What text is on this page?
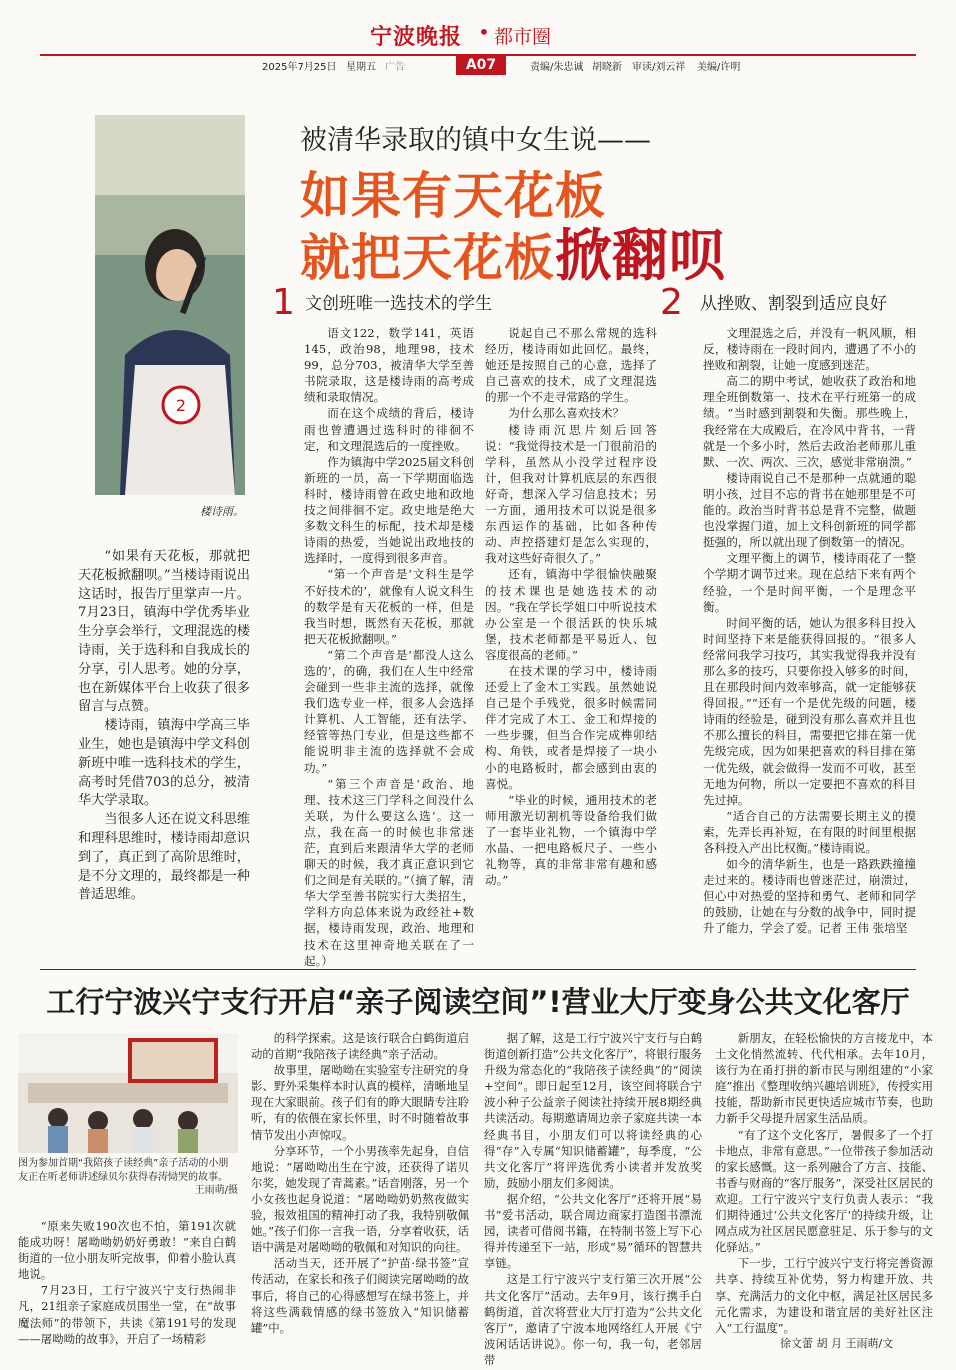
宁波晚报 • 都市圈
2025年7月25日 星期五 广告	A07	责编/朱忠诚 胡晓新 审读/刘云祥 美编/许明
2
楼诗雨。
被清华录取的镇中女生说——
如果有天花板
就把天花板掀翻呗
1 文创班唯一选技术的学生	2 从挫败、割裂到适应良好

“如果有天花板，那就把天花板掀翻呗。”当楼诗雨说出这话时，报告厅里掌声一片。7月23日，镇海中学优秀毕业生分享会举行，文理混选的楼诗雨，关于选科和自我成长的分享，引人思考。她的分享，也在新媒体平台上收获了很多留言与点赞。

楼诗雨，镇海中学高三毕业生，她也是镇海中学文科创新班中唯一选科技术的学生，高考时凭借703的总分，被清华大学录取。

当很多人还在说文科思维和理科思维时，楼诗雨却意识到了，真正到了高阶思维时，是不分文理的，最终都是一种普适思维。

语文122，数学141，英语145，政治98，地理98，技术99，总分703，被清华大学至善书院录取，这是楼诗雨的高考成绩和录取情况。

而在这个成绩的背后，楼诗雨也曾遭遇过选科时的徘徊不定，和文理混选后的一度挫败。

作为镇海中学2025届文科创新班的一员，高一下学期面临选科时，楼诗雨曾在政史地和政地技之间徘徊不定。政史地是绝大多数文科生的标配，技术却是楼诗雨的热爱，当她说出政地技的选择时，一度得到很多声音。

“第一个声音是‘文科生是学不好技术的’，就像有人说文科生的数学是有天花板的一样，但是我当时想，既然有天花板，那就把天花板掀翻呗。”

“第二个声音是‘都没人这么选的’，的确，我们在人生中经常会碰到一些非主流的选择，就像我们选专业一样，很多人会选择计算机、人工智能，还有法学、经管等热门专业，但是这些都不能说明非主流的选择就不会成功。”

“第三个声音是‘政治、地理、技术这三门学科之间没什么关联，为什么要这么选’。这一点，我在高一的时候也非常迷茫，直到后来跟清华大学的老师聊天的时候，我才真正意识到它们之间是有关联的。”（摘了解，清华大学至善书院实行大类招生，学科方向总体来说为政经社+数据，楼诗雨发现，政治、地理和技术在这里神奇地关联在了一起。）

说起自己不那么常规的选科经历，楼诗雨如此回忆。最终，她还是按照自己的心意，选择了自己喜欢的技术，成了文理混选的那一个不走寻常路的学生。

为什么那么喜欢技术？

楼诗雨沉思片刻后回答说：“我觉得技术是一门很前沿的学科，虽然从小没学过程序设计，但我对计算机底层的东西很好奇，想深入学习信息技术；另一方面，通用技术可以说是很多东西运作的基础，比如各种传动、声控搭建灯是怎么实现的，我对这些好奇很久了。”

还有，镇海中学很愉快融聚的技术课也是她选技术的动因。“我在学长学姐口中听说技术办公室是一个很活跃的快乐城堡，技术老师都是平易近人、包容度很高的老师。”

在技术课的学习中，楼诗雨还爱上了金木工实践。虽然她说自己是个手残党，很多时候需同伴才完成了木工、金工和焊接的一些步骤，但当合作完成榫卯结构、角铁，或者是焊接了一块小小的电路板时，都会感到由衷的喜悦。

“毕业的时候，通用技术的老师用激光切割机等设备给我们做了一套毕业礼物，一个镇海中学水晶、一把电路板尺子、一些小礼物等，真的非常非常有趣和感动。”

文理混选之后，并没有一帆风顺，相反，楼诗雨在一段时间内，遭遇了不小的挫败和割裂，让她一度感到迷茫。

高二的期中考试，她收获了政治和地理全班倒数第一、技术在平行班第一的成绩。“当时感到割裂和失衡。那些晚上，我经常在大成殿后，在冷风中背书，一背就是一个多小时，然后去政治老师那儿重默、一次、两次、三次，感觉非常崩溃。”

楼诗雨说自己不是那种一点就通的聪明小孩，过目不忘的背书在她那里是不可能的。政治当时背书总是背不完整，做题也没掌握门道，加上文科创新班的同学都挺强的，所以就出现了倒数第一的情况。

文理平衡上的调节，楼诗雨花了一整个学期才调节过来。现在总结下来有两个经验，一个是时间平衡，一个是理念平衡。

时间平衡的话，她认为很多科目投入时间坚持下来是能获得回报的。“很多人经常问我学习技巧，其实我觉得我并没有那么多的技巧，只要你投入够多的时间，且在那段时间内效率够高，就一定能够获得回报。”“还有一个是优先级的问题，楼诗雨的经验是，碰到没有那么喜欢并且也不那么擅长的科目，需要把它排在第一优先级完成，因为如果把喜欢的科目排在第一优先级，就会做得一发而不可收，甚至无地为何物，所以一定要把不喜欢的科目先过掉。

“适合自己的方法需要长期主义的摸索，先弄长再补短，在有限的时间里根据各科投入产出比权衡。”楼诗雨说。

如今的清华新生，也是一路跌跌撞撞走过来的。楼诗雨也曾迷茫过，崩溃过，但心中对热爱的坚持和勇气、老师和同学的鼓励，让她在与分数的战争中，同时提升了能力，学会了爱。记者 王伟 张培坚

工行宁波兴宁支行开启“亲子阅读空间”!营业大厅变身公共文化客厅
图为参加首期“我陪孩子读经典”亲子活动的小朋友正在听老师讲述绿贝尔获得春涛恸哭的故事。

王雨萌/摄

“原来失败190次也不怕，第191次就能成功呀！屠呦呦奶奶好勇敢！”来自白鹤街道的一位小朋友听完故事，仰着小脸认真地说。

7月23日，工行宁波兴宁支行热闹非凡，21组亲子家庭成员围坐一堂，在“故事魔法师”的带领下，共读《第191号的发现——屠呦呦的故事》，开启了一场精彩

的科学探索。这是该行联合白鹤街道启动的首期“我陪孩子读经典”亲子活动。

故事里，屠呦呦在实验室专注研究的身影、野外采集样本时认真的模样，清晰地呈现在大家眼前。孩子们有的睁大眼睛专注聆听，有的依偎在家长怀里，时不时随着故事情节发出小声惊叹。

分享环节，一个小男孩率先起身，自信地说：“屠呦呦出生在宁波，还获得了诺贝尔奖，她发现了青蒿素。”话音刚落，另一个小女孩也起身说道：“屠呦呦奶奶熬夜做实验，报效祖国的精神打动了我，我特别敬佩她。”孩子们你一言我一语，分享着收获，话语中满是对屠呦呦的敬佩和对知识的向往。

活动当天，还开展了“护苗·绿书签”宣传活动，在家长和孩子们阅读完屠呦呦的故事后，将自己的心得感想写在绿书签上，并将这些满载情感的绿书签放入“知识储蓄罐”中。

据了解，这是工行宁波兴宁支行与白鹤街道创新打造“公共文化客厅”，将银行服务升级为常态化的“我陪孩子读经典”的“阅读+空间”。即日起至12月，该空间将联合宁波小种子公益亲子阅读社持续开展8期经典共读活动。每期邀请周边亲子家庭共读一本经典书目，小朋友们可以将读经典的心得“存”入专属“知识储蓄罐”，每季度，“公共文化客厅”将评选优秀小读者并发放奖励，鼓励小朋友们多阅读。

据介绍，“公共文化客厅”还将开展“易书”爱书活动，联合周边商家打造图书漂流园，读者可借阅书籍，在特制书签上写下心得并传递至下一站，形成“易”循环的智慧共享链。

这是工行宁波兴宁支行第三次开展“公共文化客厅”活动。去年9月，该行携手白鹤街道，首次将营业大厅打造为“公共文化客厅”，邀请了宁波本地网络红人开展《宁波闲话话讲说》。你一句，我一句，老邻居带

新朋友，在轻松愉快的方言接龙中，本土文化悄然流转、代代相承。去年10月，该行为在甬打拼的新市民与刚组建的“小家庭”推出《整理收纳兴趣培训班》，传授实用技能，帮助新市民更快适应城市节奏，也助力新手父母提升居家生活品质。

“有了这个文化客厅，暑假多了一个打卡地点，非常有意思。”一位带孩子参加活动的家长感慨。这一系列融合了方言、技能、书香与财商的“客厅服务”，深受社区居民的欢迎。工行宁波兴宁支行负责人表示：“我们期待通过‘公共文化客厅’的持续升级，让网点成为社区居民愿意驻足、乐于参与的文化驿站。”

下一步，工行宁波兴宁支行将完善资源共享、持续互补优势，努力构建开放、共享、充满活力的文化中枢，满足社区居民多元化需求，为建设和谐宜居的美好社区注入“工行温度”。

徐文蕾 胡 月 王雨萌/文
